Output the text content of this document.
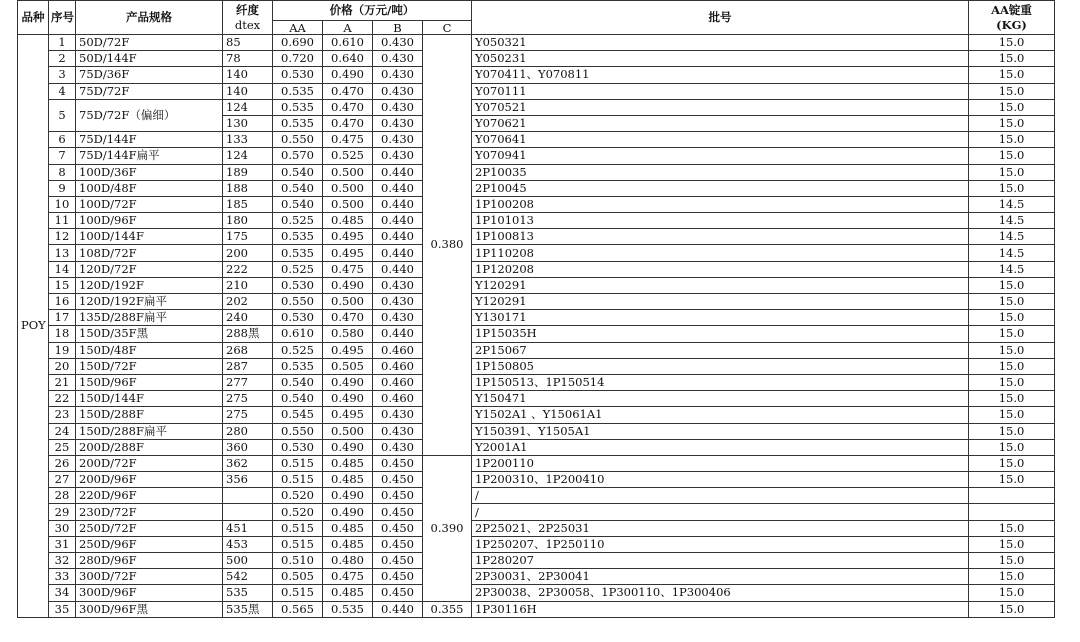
品种	序号	产品规格	纤度
dtex	价格（万元/吨）				批号	AA锭重
(KG)
				AA	A	B	C		
POY	1	50D/72F	85	0.690	0.610	0.430	0.380	Y050321	15.0
	2	50D/144F	78	0.720	0.640	0.430		Y050231	15.0
	3	75D/36F	140	0.530	0.490	0.430		Y070411、Y070811	15.0
	4	75D/72F	140	0.535	0.470	0.430		Y070111	15.0
	5	75D/72F（偏细）	124	0.535	0.470	0.430		Y070521	15.0
			130	0.535	0.470	0.430		Y070621	15.0
	6	75D/144F	133	0.550	0.475	0.430		Y070641	15.0
	7	75D/144F扁平	124	0.570	0.525	0.430		Y070941	15.0
	8	100D/36F	189	0.540	0.500	0.440		2P10035	15.0
	9	100D/48F	188	0.540	0.500	0.440		2P10045	15.0
	10	100D/72F	185	0.540	0.500	0.440		1P100208	14.5
	11	100D/96F	180	0.525	0.485	0.440		1P101013	14.5
	12	100D/144F	175	0.535	0.495	0.440		1P100813	14.5
	13	108D/72F	200	0.535	0.495	0.440		1P110208	14.5
	14	120D/72F	222	0.525	0.475	0.440		1P120208	14.5
	15	120D/192F	210	0.530	0.490	0.430		Y120291	15.0
	16	120D/192F扁平	202	0.550	0.500	0.430		Y120291	15.0
	17	135D/288F扁平	240	0.530	0.470	0.430		Y130171	15.0
	18	150D/35F黑	288黑	0.610	0.580	0.440		1P15035H	15.0
	19	150D/48F	268	0.525	0.495	0.460		2P15067	15.0
	20	150D/72F	287	0.535	0.505	0.460		1P150805	15.0
	21	150D/96F	277	0.540	0.490	0.460		1P150513、1P150514	15.0
	22	150D/144F	275	0.540	0.490	0.460		Y150471	15.0
	23	150D/288F	275	0.545	0.495	0.430		Y1502A1 、Y15061A1	15.0
	24	150D/288F扁平	280	0.550	0.500	0.430		Y150391、Y1505A1	15.0
	25	200D/288F	360	0.530	0.490	0.430		Y2001A1	15.0
	26	200D/72F	362	0.515	0.485	0.450	0.390	1P200110	15.0
	27	200D/96F	356	0.515	0.485	0.450		1P200310、1P200410	15.0
	28	220D/96F		0.520	0.490	0.450		/	
	29	230D/72F		0.520	0.490	0.450		/	
	30	250D/72F	451	0.515	0.485	0.450		2P25021、2P25031	15.0
	31	250D/96F	453	0.515	0.485	0.450		1P250207、1P250110	15.0
	32	280D/96F	500	0.510	0.480	0.450		1P280207	15.0
	33	300D/72F	542	0.505	0.475	0.450		2P30031、2P30041	15.0
	34	300D/96F	535	0.515	0.485	0.450		2P30038、2P30058、1P300110、1P300406	15.0
	35	300D/96F黑	535黑	0.565	0.535	0.440	0.355	1P30116H	15.0
